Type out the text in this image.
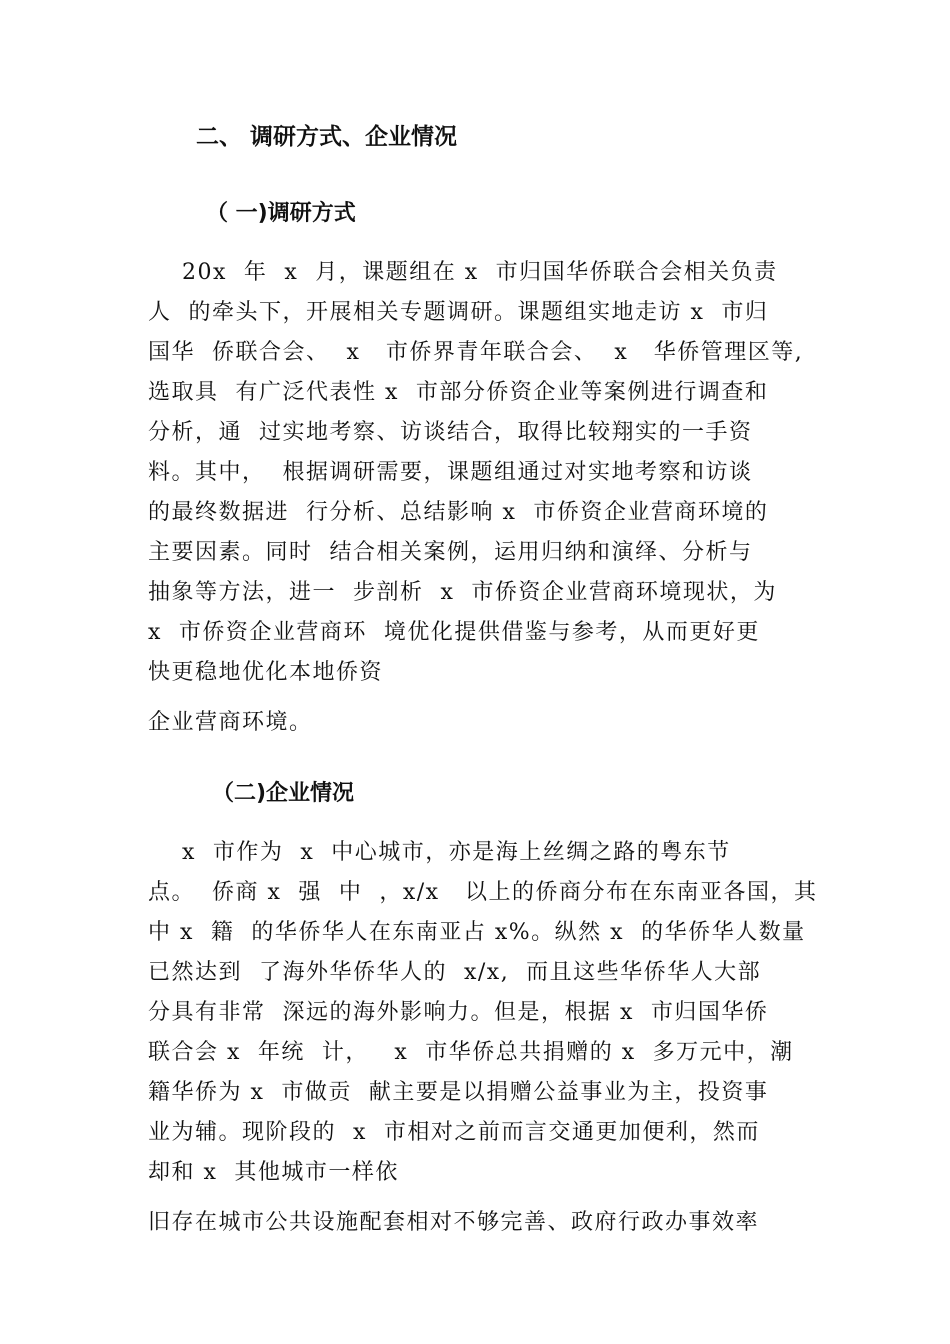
二、 调研方式、企业情况
（ 一)调研方式
20x  年  x  月，课题组在 x  市归国华侨联合会相关负责
人  的牵头下，开展相关专题调研。课题组实地走访 x  市归
国华  侨联合会、  x   市侨界青年联合会、  x   华侨管理区等,
选取具  有广泛代表性 x  市部分侨资企业等案例进行调查和
分析，通  过实地考察、访谈结合，取得比较翔实的一手资
料。其中，  根据调研需要，课题组通过对实地考察和访谈
的最终数据进  行分析、总结影响 x  市侨资企业营商环境的
主要因素。同时  结合相关案例，运用归纳和演绎、分析与
抽象等方法，进一  步剖析  x  市侨资企业营商环境现状，为
x  市侨资企业营商环  境优化提供借鉴与参考，从而更好更
快更稳地优化本地侨资
企业营商环境。
（二)企业情况
x  市作为  x  中心城市，亦是海上丝绸之路的粤东节
点。  侨商 x  强  中  ，x/x   以上的侨商分布在东南亚各国，其
中 x  籍  的华侨华人在东南亚占 x%。纵然 x  的华侨华人数量
已然达到  了海外华侨华人的  x/x,  而且这些华侨华人大部
分具有非常  深远的海外影响力。但是，根据 x  市归国华侨
联合会 x  年统  计，   x  市华侨总共捐赠的 x  多万元中，潮
籍华侨为 x  市做贡  献主要是以捐赠公益事业为主，投资事
业为辅。现阶段的  x  市相对之前而言交通更加便利，然而
却和 x  其他城市一样依
旧存在城市公共设施配套相对不够完善、政府行政办事效率
